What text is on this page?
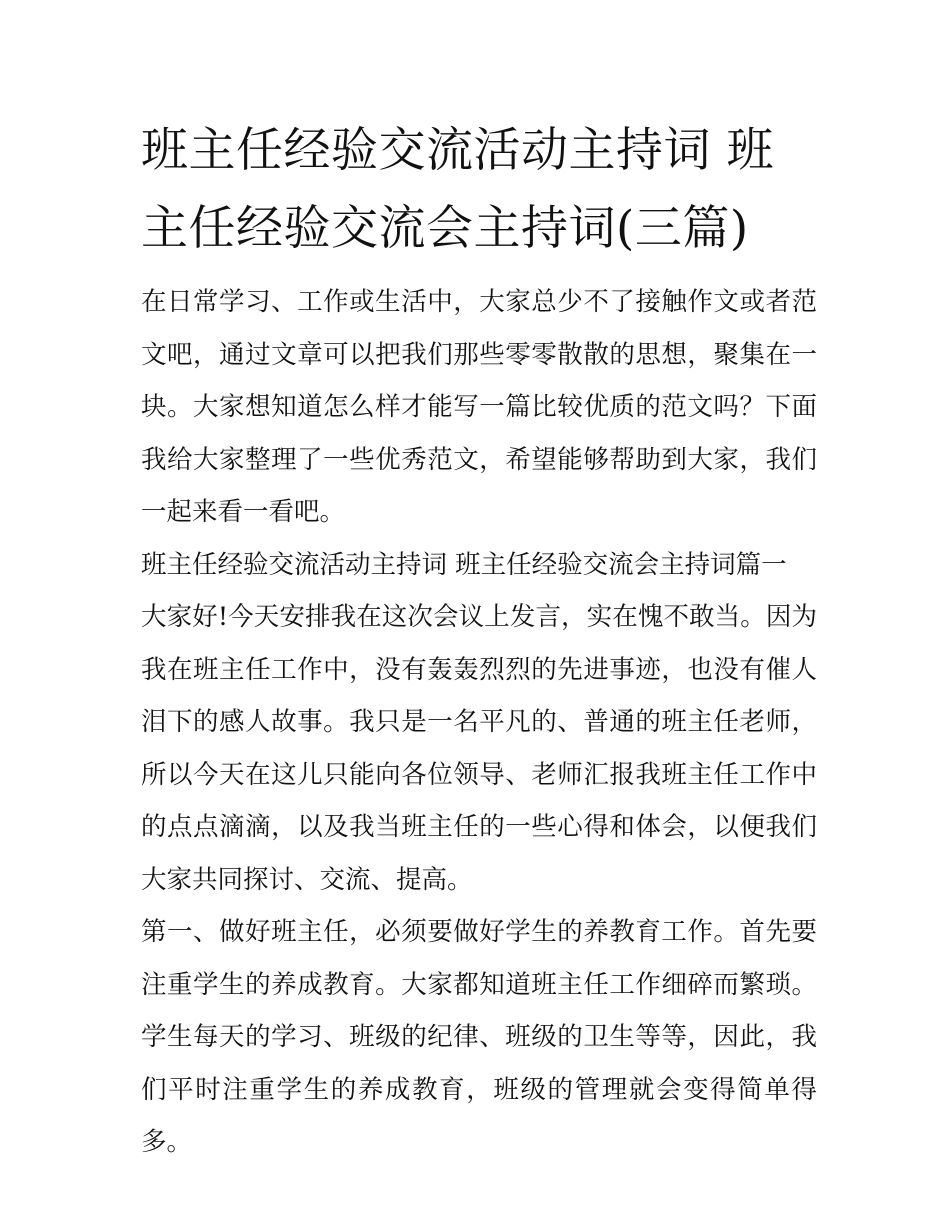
班主任经验交流活动主持词 班主任经验交流会主持词(三篇)

在日常学习、工作或生活中，大家总少不了接触作文或者范文吧，通过文章可以把我们那些零零散散的思想，聚集在一块。大家想知道怎么样才能写一篇比较优质的范文吗？下面我给大家整理了一些优秀范文，希望能够帮助到大家，我们一起来看一看吧。

班主任经验交流活动主持词 班主任经验交流会主持词篇一

大家好!今天安排我在这次会议上发言，实在愧不敢当。因为我在班主任工作中，没有轰轰烈烈的先进事迹，也没有催人泪下的感人故事。我只是一名平凡的、普通的班主任老师，所以今天在这儿只能向各位领导、老师汇报我班主任工作中的点点滴滴，以及我当班主任的一些心得和体会，以便我们大家共同探讨、交流、提高。

第一、做好班主任，必须要做好学生的养教育工作。首先要注重学生的养成教育。大家都知道班主任工作细碎而繁琐。学生每天的学习、班级的纪律、班级的卫生等等，因此，我们平时注重学生的养成教育，班级的管理就会变得简单得多。
